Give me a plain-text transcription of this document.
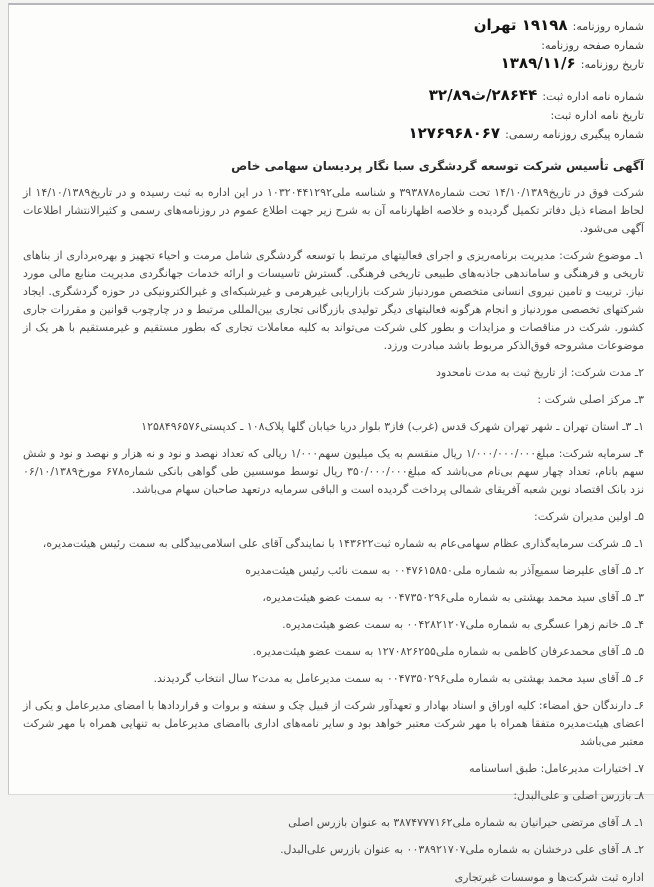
شماره روزنامه: ۱۹۱۹۸ تهران
شماره صفحه روزنامه:
تاریخ روزنامه: ۱۳۸۹/۱۱/۶
شماره نامه اداره ثبت: ۲۸۶۴۴/ث۳۲/۸۹
تاریخ نامه اداره ثبت:
شماره پیگیری روزنامه رسمی: ۱۲۷۶۹۶۸۰۶۷
آگهی تأسیس شرکت توسعه گردشگری سبا نگار پردیسان سهامی خاص
شرکت فوق در تاریخ۱۴/۱۰/۱۳۸۹ تحت شماره۳۹۳۸۷۸ و شناسه ملی۱۰۳۲۰۴۴۱۲۹۲ در این اداره به ثبت رسیده و در تاریخ۱۴/۱۰/۱۳۸۹ از لحاظ امضاء ذیل دفاتر تکمیل گردیده و خلاصه اظهارنامه آن به شرح زیر جهت اطلاع عموم در روزنامه‌های رسمی و کثیرالانتشار اطلاعات آگهی می‌شود.
۱ـ موضوع شرکت: مدیریت برنامه‌ریزی و اجرای فعالیتهای مرتبط با توسعه گردشگری شامل مرمت و احیاء تجهیز و بهره‌برداری از بناهای تاریخی و فرهنگی و ساماندهی جاذبه‌های طبیعی تاریخی فرهنگی. گسترش تاسیسات و ارائه خدمات جهانگردی مدیریت منابع مالی مورد نیاز. تربیت و تامین نیروی انسانی متخصص موردنیاز شرکت بازاریابی غیرهرمی و غیرشبکه‌ای و غیرالکترونیکی در حوزه گردشگری. ایجاد شرکتهای تخصصی موردنیاز و انجام هرگونه فعالیتهای دیگر تولیدی بازرگانی تجاری بین‌المللی مرتبط و در چارچوب قوانین و مقررات جاری کشور. شرکت در مناقصات و مزایدات و بطور کلی شرکت می‌تواند به کلیه معاملات تجاری که بطور مستقیم و غیرمستقیم با هر یک از موضوعات مشروحه فوق‌الذکر مربوط باشد مبادرت ورزد.
۲ـ مدت شرکت: از تاریخ ثبت به مدت نامحدود
۳ـ مرکز اصلی شرکت :
۱ـ ۳ـ استان تهران ـ شهر تهران شهرک قدس (غرب) فاز۳ بلوار دریا خیابان گلها پلاک۱۰۸ ـ کدپستی۱۲۵۸۴۹۶۵۷۶
۴ـ سرمایه شرکت: مبلغ۱/۰۰۰/۰۰۰/۰۰۰ ریال منقسم به یک میلیون سهم۱/۰۰۰ ریالی که تعداد نهصد و نود و نه هزار و نهصد و نود و شش سهم بانام، تعداد چهار سهم بی‌نام می‌باشد که مبلغ۳۵۰/۰۰۰/۰۰۰ ریال توسط موسسین طی گواهی بانکی شماره۶۷۸ مورخ۰۶/۱۰/۱۳۸۹ نزد بانک اقتصاد نوین شعبه آفریقای شمالی پرداخت گردیده است و الباقی سرمایه درتعهد صاحبان سهام می‌باشد.
۵ـ اولین مدیران شرکت:
۱ـ ۵ـ شرکت سرمایه‌گذاری عظام سهامی‌عام به شماره ثبت۱۴۳۶۲۲ با نمایندگی آقای علی اسلامی‌بیدگلی به سمت رئیس هیئت‌مدیره،
۲ـ ۵ـ آقای علیرضا سمیع‌آذر به شماره ملی۰۰۴۷۶۱۵۸۵۰ به سمت نائب رئیس هیئت‌مدیره
۳ـ ۵ـ آقای سید محمد بهشتی به شماره ملی۰۰۴۷۳۵۰۲۹۶ به سمت عضو هیئت‌مدیره،
۴ـ ۵ـ خانم زهرا عسگری به شماره ملی۰۰۴۲۸۲۱۲۰۷ به سمت عضو هیئت‌مدیره.
۵ـ ۵ـ آقای محمدعرفان کاظمی به شماره ملی۱۲۷۰۸۲۶۲۵۵ به سمت عضو هیئت‌مدیره.
۶ـ ۵ـ آقای سید محمد بهشتی به شماره ملی۰۰۴۷۳۵۰۲۹۶ به سمت مدیرعامل به مدت۲ سال انتخاب گردیدند.
۶ـ دارندگان حق امضاء: کلیه اوراق و اسناد بهادار و تعهدآور شرکت از قبیل چک و سفته و بروات و قراردادها با امضای مدیرعامل و یکی از اعضای هیئت‌مدیره متفقا همراه با مهر شرکت معتبر خواهد بود و سایر نامه‌های اداری باامضای مدیرعامل به تنهایی همراه با مهر شرکت معتبر می‌باشد
۷ـ اختیارات مدیرعامل: طبق اساسنامه
۸ـ بازرس اصلی و علی‌البدل:
۱ـ ۸ـ آقای مرتضی حیرانیان به شماره ملی۳۸۷۴۷۷۷۱۶۲ به عنوان بازرس اصلی
۲ـ ۸ـ آقای علی درخشان به شماره ملی۰۰۳۸۹۲۱۷۰۷ به عنوان بازرس علی‌البدل.
اداره ثبت شرکت‌ها و موسسات غیرتجاری
